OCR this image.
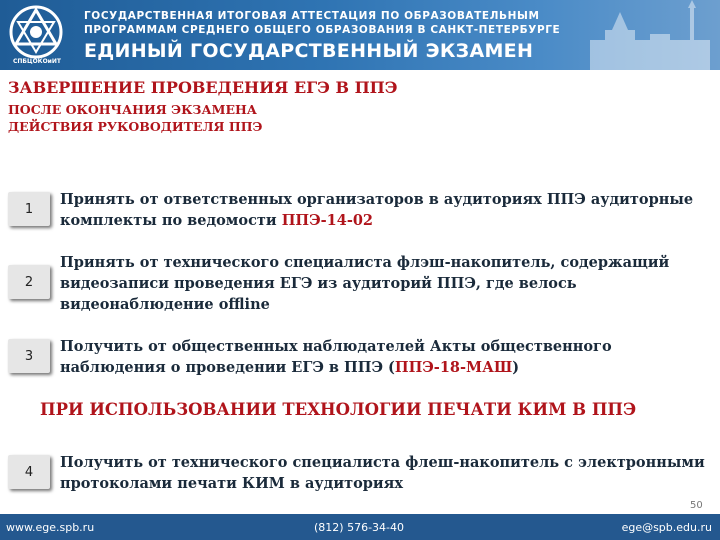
СПБЦОКОиИТ
ГОСУДАРСТВЕННАЯ ИТОГОВАЯ АТТЕСТАЦИЯ ПО ОБРАЗОВАТЕЛЬНЫМ
ПРОГРАММАМ СРЕДНЕГО ОБЩЕГО ОБРАЗОВАНИЯ В САНКТ-ПЕТЕРБУРГЕ
ЕДИНЫЙ ГОСУДАРСТВЕННЫЙ ЭКЗАМЕН
ЗАВЕРШЕНИЕ ПРОВЕДЕНИЯ ЕГЭ В ППЭ
ПОСЛЕ ОКОНЧАНИЯ ЭКЗАМЕНА
ДЕЙСТВИЯ РУКОВОДИТЕЛЯ ППЭ
1
Принять от ответственных организаторов в аудиториях ППЭ аудиторные комплекты по ведомости ППЭ-14-02
2
Принять от технического специалиста флэш-накопитель, содержащий видеозаписи проведения ЕГЭ из аудиторий ППЭ, где велось видеонаблюдение offline
3
Получить от общественных наблюдателей Акты общественного наблюдения о проведении ЕГЭ в ППЭ (ППЭ-18-МАШ)
ПРИ ИСПОЛЬЗОВАНИИ ТЕХНОЛОГИИ ПЕЧАТИ КИМ В ППЭ
4
Получить от технического специалиста флеш-накопитель с электронными протоколами печати КИМ в аудиториях
50
www.ege.spb.ru	(812) 576-34-40	ege@spb.edu.ru
